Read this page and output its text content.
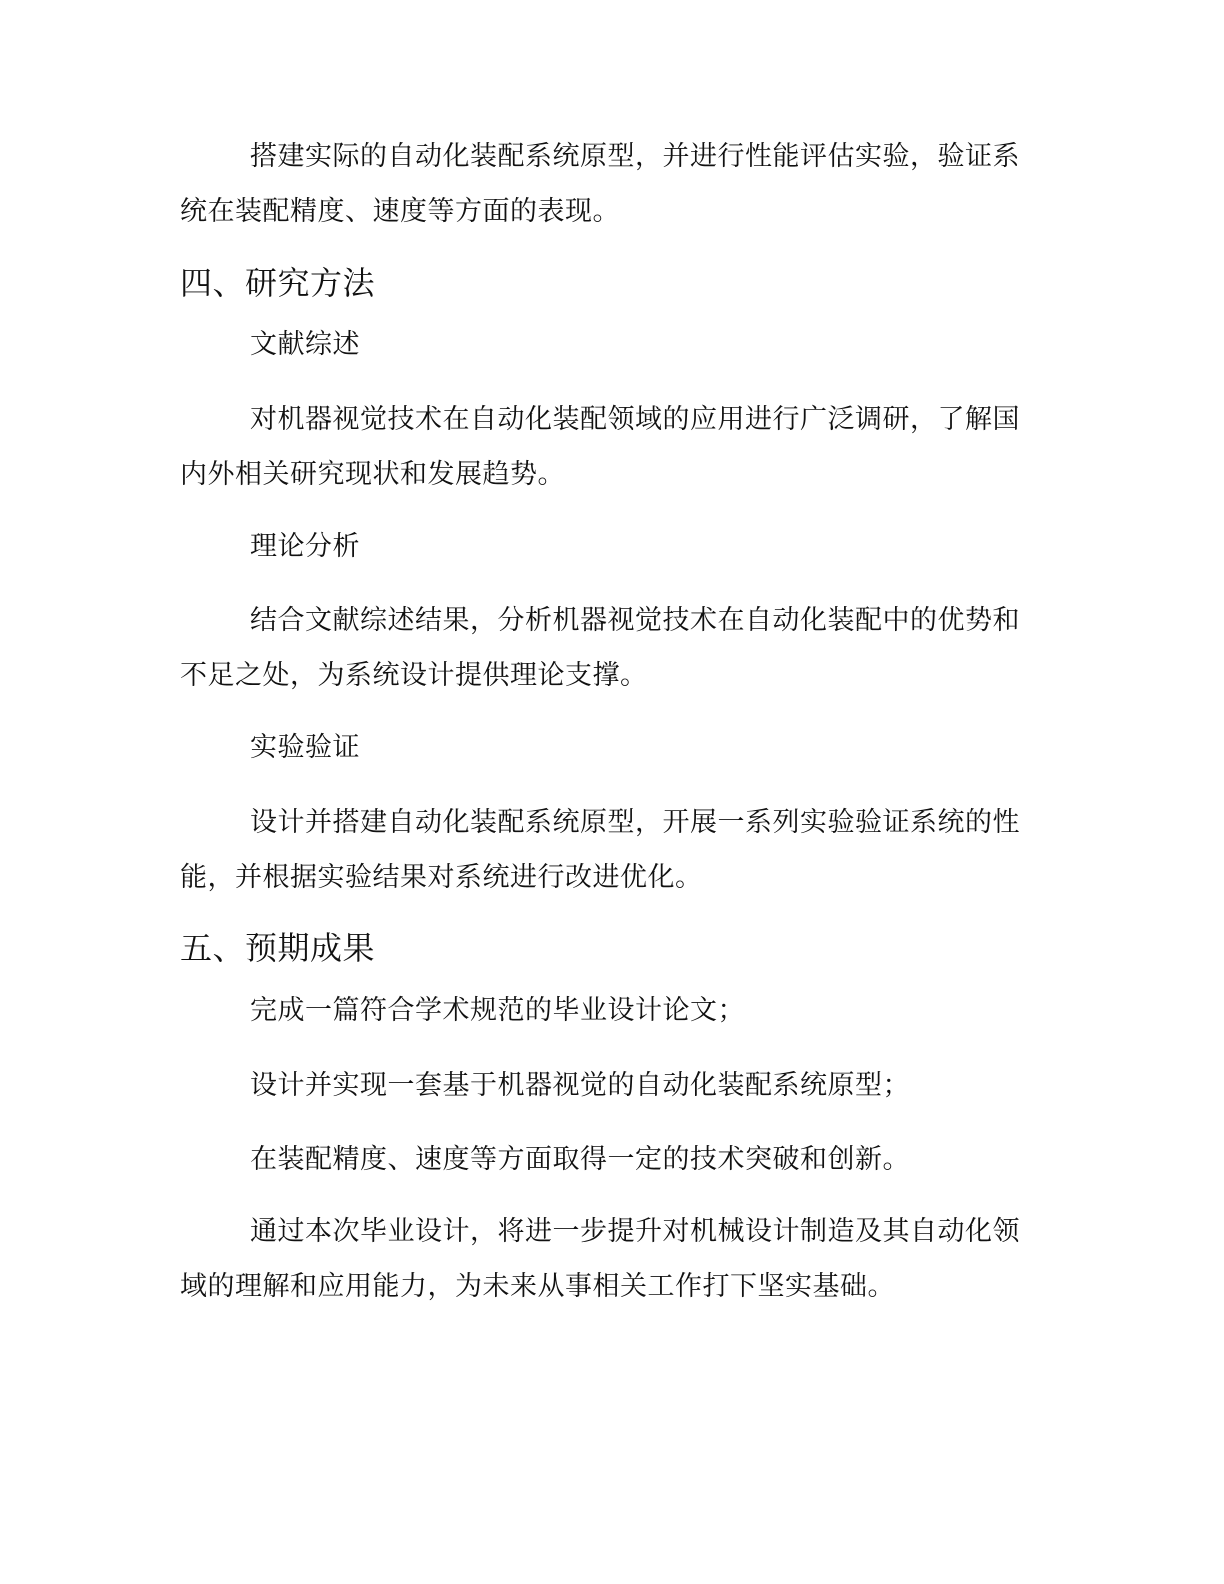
搭建实际的自动化装配系统原型，并进行性能评估实验，验证系
统在装配精度、速度等方面的表现。
四、研究方法
文献综述
对机器视觉技术在自动化装配领域的应用进行广泛调研，了解国
内外相关研究现状和发展趋势。
理论分析
结合文献综述结果，分析机器视觉技术在自动化装配中的优势和
不足之处，为系统设计提供理论支撑。
实验验证
设计并搭建自动化装配系统原型，开展一系列实验验证系统的性
能，并根据实验结果对系统进行改进优化。
五、预期成果
完成一篇符合学术规范的毕业设计论文；
设计并实现一套基于机器视觉的自动化装配系统原型；
在装配精度、速度等方面取得一定的技术突破和创新。
通过本次毕业设计，将进一步提升对机械设计制造及其自动化领
域的理解和应用能力，为未来从事相关工作打下坚实基础。
